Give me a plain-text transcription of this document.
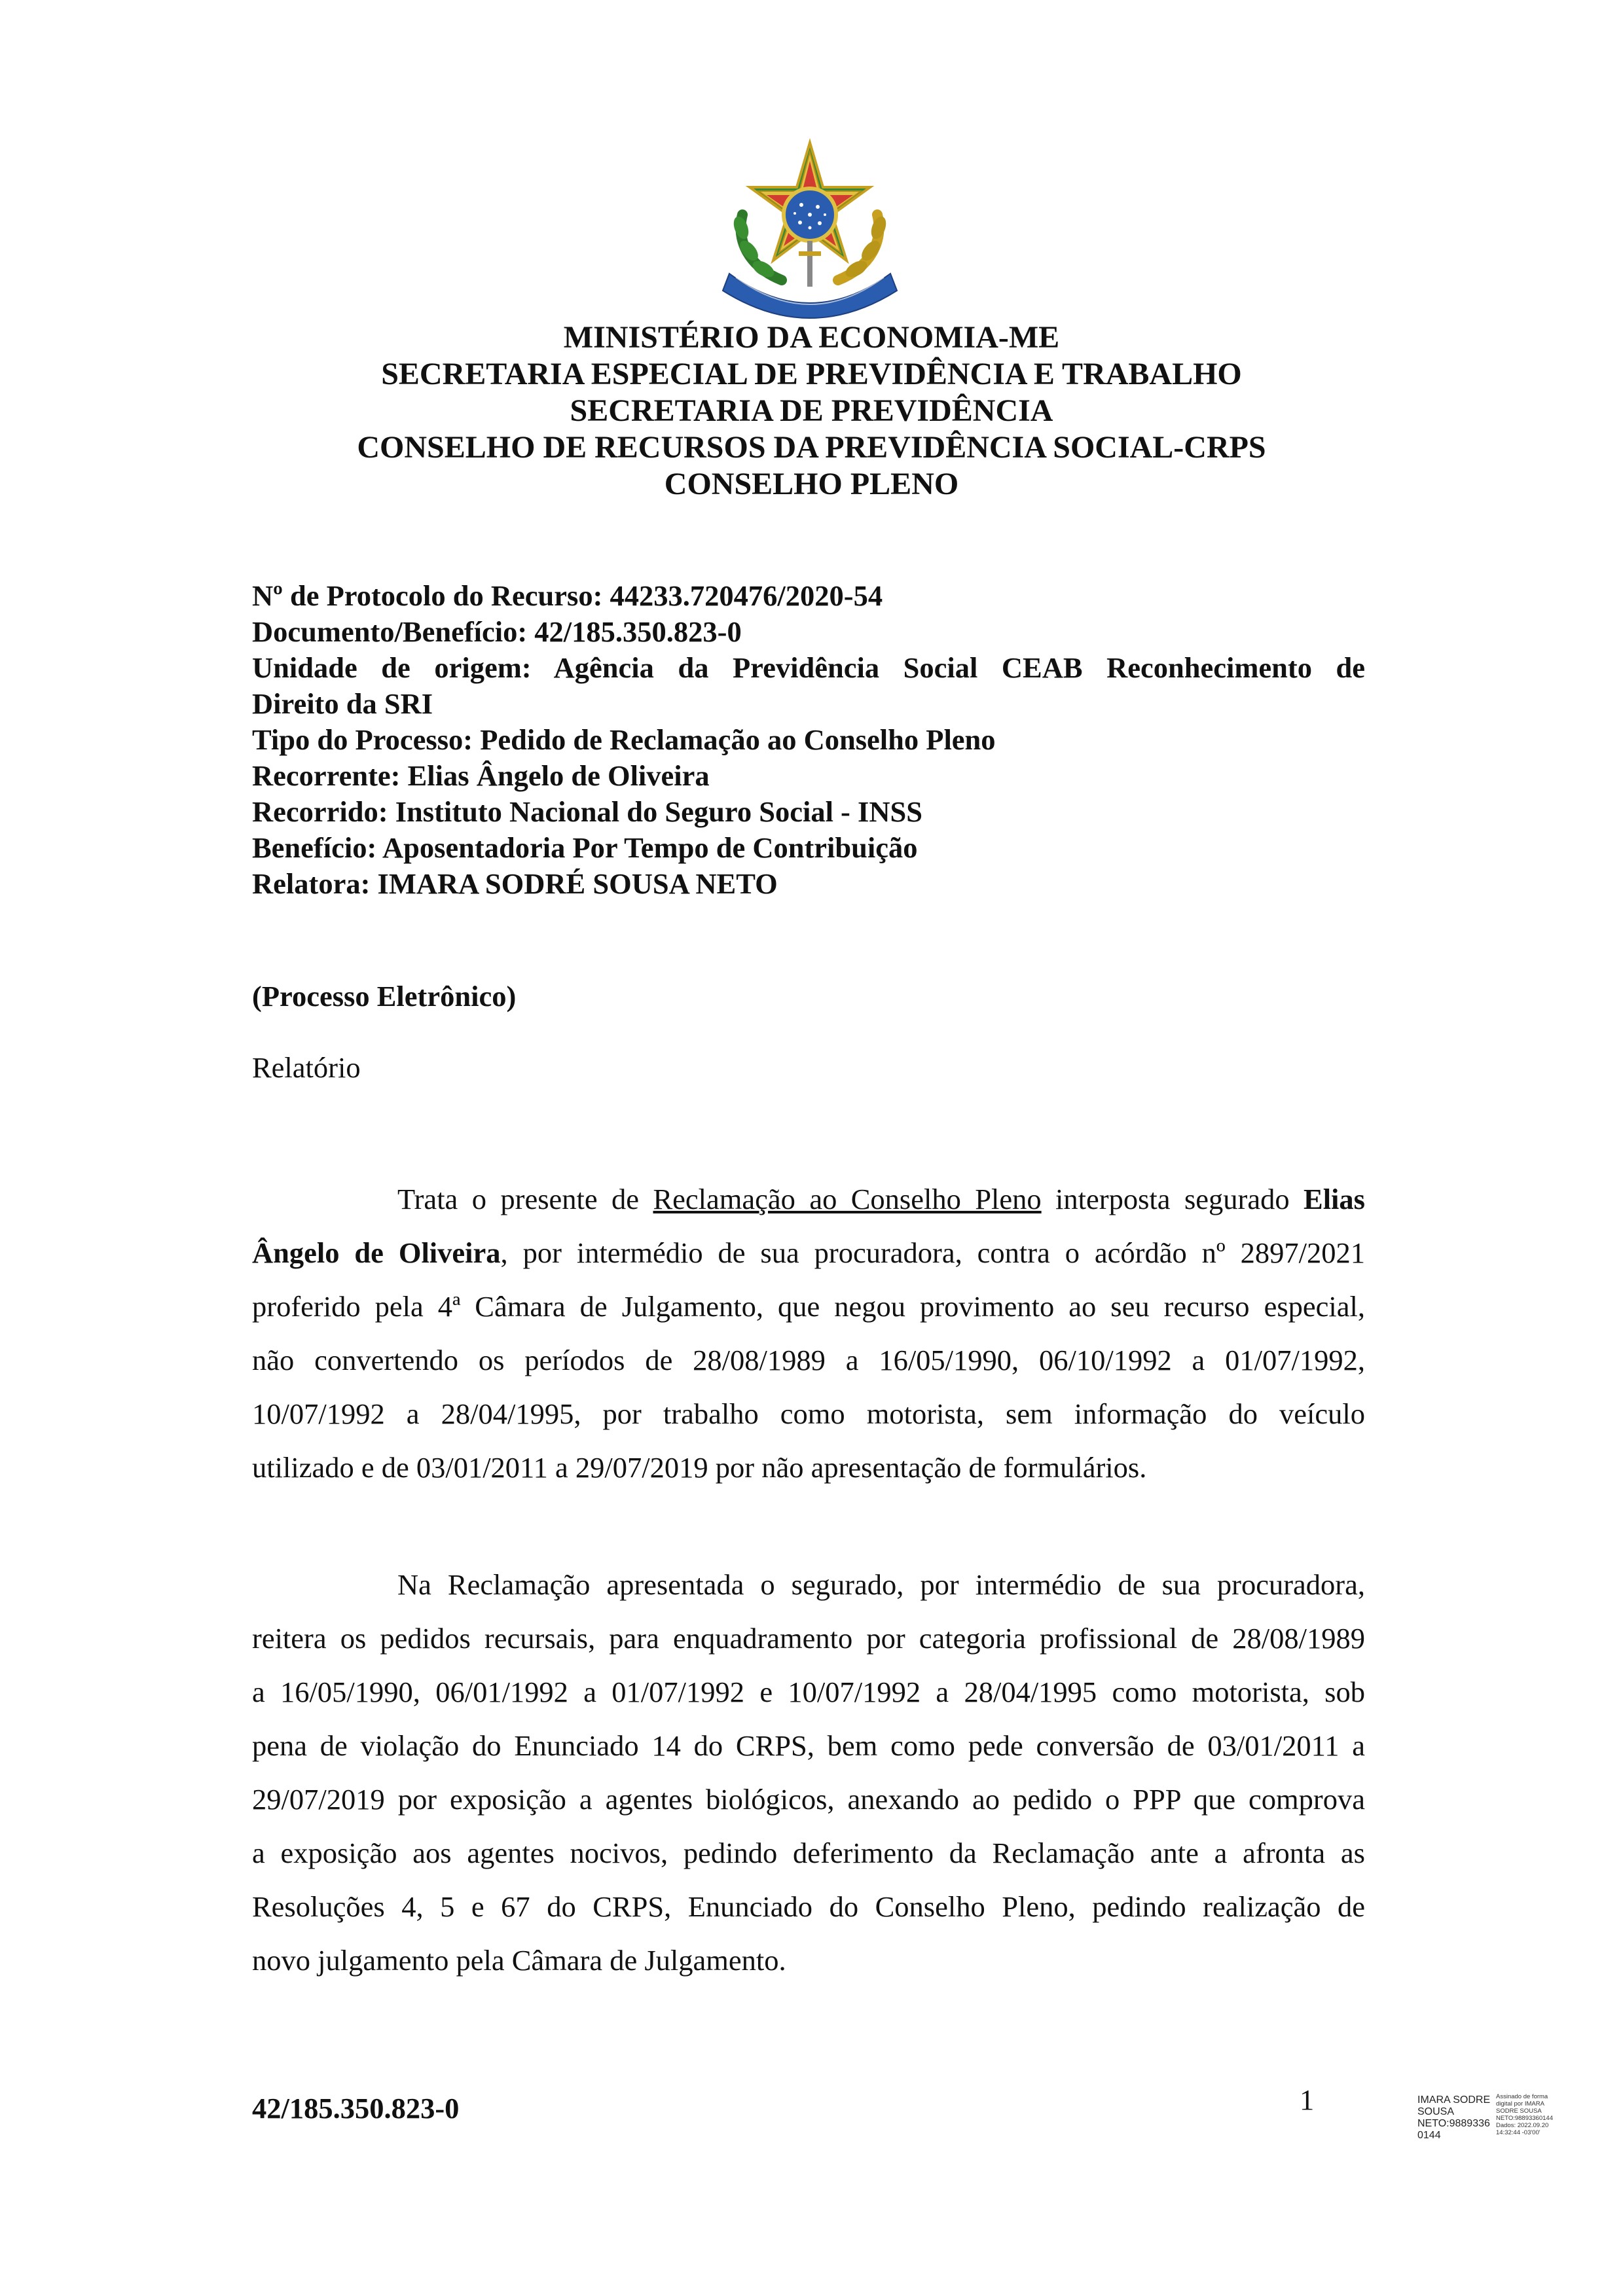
MINISTÉRIO DA ECONOMIA-ME
SECRETARIA ESPECIAL DE PREVIDÊNCIA E TRABALHO
SECRETARIA DE PREVIDÊNCIA
CONSELHO DE RECURSOS DA PREVIDÊNCIA SOCIAL-CRPS
CONSELHO PLENO
Nº de Protocolo do Recurso: 44233.720476/2020-54
Documento/Benefício: 42/185.350.823-0
Unidade de origem: Agência da Previdência Social CEAB Reconhecimento de
Direito da SRI
Tipo do Processo: Pedido de Reclamação ao Conselho Pleno
Recorrente: Elias Ângelo de Oliveira
Recorrido: Instituto Nacional do Seguro Social - INSS
Benefício: Aposentadoria Por Tempo de Contribuição
Relatora: IMARA SODRÉ SOUSA NETO
(Processo Eletrônico)
Relatório
Trata o presente de Reclamação ao Conselho Pleno interposta segurado Elias
Ângelo de Oliveira, por intermédio de sua procuradora, contra o acórdão nº 2897/2021
proferido pela 4ª Câmara de Julgamento, que negou provimento ao seu recurso especial,
não convertendo os períodos de 28/08/1989 a 16/05/1990, 06/10/1992 a 01/07/1992,
10/07/1992 a 28/04/1995, por trabalho como motorista, sem informação do veículo
utilizado e de 03/01/2011 a 29/07/2019 por não apresentação de formulários.
Na Reclamação apresentada o segurado, por intermédio de sua procuradora,
reitera os pedidos recursais, para enquadramento por categoria profissional de 28/08/1989
a 16/05/1990, 06/01/1992 a 01/07/1992 e 10/07/1992 a 28/04/1995 como motorista, sob
pena de violação do Enunciado 14 do CRPS, bem como pede conversão de 03/01/2011 a
29/07/2019 por exposição a agentes biológicos, anexando ao pedido o PPP que comprova
a exposição aos agentes nocivos, pedindo deferimento da Reclamação ante a afronta as
Resoluções 4, 5 e 67 do CRPS, Enunciado do Conselho Pleno, pedindo realização de
novo julgamento pela Câmara de Julgamento.
42/185.350.823-0	1	IMARA SODRE
SOUSA
NETO:9889336
0144
Assinado de forma
digital por IMARA
SODRE SOUSA
NETO:98893360144
Dados: 2022.09.20
14:32:44 -03'00'
